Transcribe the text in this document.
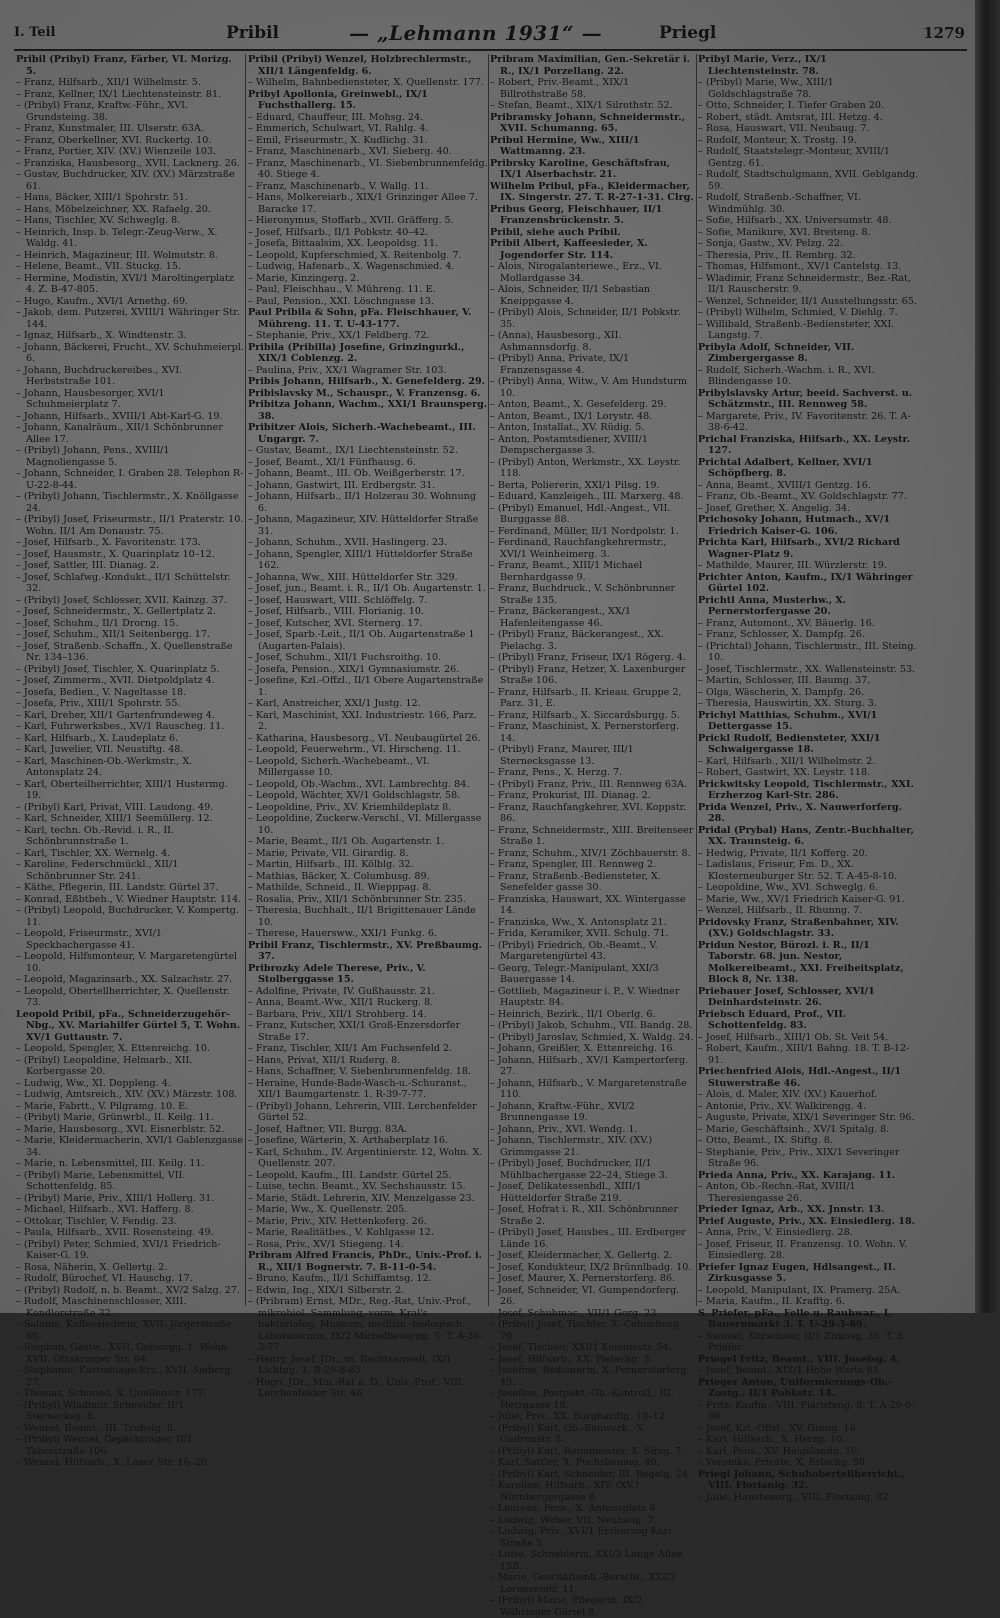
I. Teil	Pribil	— „Lehmann 1931“ —	Priegl	1279

Pribil (Pribyl) Franz, Färber, VI. Morizg. 5.

– Franz, Hilfsarb., XII/1 Wilhelmstr. 5.

– Franz, Kellner, IX/1 Liechtensteinstr. 81.

– (Pribyl) Franz, Kraftw.-Führ., XVI. Grundsteing. 38.

– Franz, Kunstmaler, III. Ulserstr. 63A.

– Franz, Oberkellner, XVI. Ruckertg. 10.

– Franz, Portier, XIV. (XV.) Wienzeile 103.

– Franziska, Hausbesorg., XVII. Lacknerg. 26.

– Gustav, Buchdrucker, XIV. (XV.) Märzstraße 61.

– Hans, Bäcker, XIII/1 Spohrstr. 51.

– Hans, Möbelzeichner, XX. Rafaelg. 20.

– Hans, Tischler, XV. Schweglg. 8.

– Heinrich, Insp. b. Telegr.-Zeug-Verw., X. Waldg. 41.

– Heinrich, Magazineur, III. Wolmutstr. 8.

– Helene, Beamt., VII. Stuckg. 15.

– Hermine, Modistin, XVI/1 Maroltingerplatz 4. Z. B-47-805.

– Hugo, Kaufm., XVI/1 Arnethg. 69.

– Jakob, dem. Putzerei, XVIII/1 Währinger Str. 144.

– Ignaz, Hilfsarb., X. Windtenstr. 3.

– Johann, Bäckerei, Frucht., XV. Schuhmeierpl. 6.

– Johann, Buchdruckereibes., XVI. Herbststraße 101.

– Johann, Hausbesorger, XVI/1 Schuhmeierplatz 7.

– Johann, Hilfsarb., XVIII/1 Abt-Karl-G. 19.

– Johann, Kanalräum., XII/1 Schönbrunner Allee 17.

– (Pribyl) Johann, Pens., XVIII/1 Magnoliengasse 5.

– Johann, Schneider, I. Graben 28. Telephon R-U-22-8-44.

– (Pribyl) Johann, Tischlermstr., X. Knöllgasse 24.

– (Pribyl) Josef, Friseurmstr., II/1 Praterstr. 10. Wohn. II/1 Am Donaustr. 75.

– Josef, Hilfsarb., X. Favoritenstr. 173.

– Josef, Hausmstr., X. Quarinplatz 10–12.

– Josef, Sattler, III. Dianag. 2.

– Josef, Schlafwg.-Kondukt., II/1 Schüttelstr. 32.

– (Pribyl) Josef, Schlosser, XVII. Kainzg. 37.

– Josef, Schneidermstr., X. Gellertplatz 2.

– Josef, Schuhm., II/1 Drorng. 15.

– Josef, Schuhm., XII/1 Seitenbergg. 17.

– Josef, Straßenb.-Schaffn., X. Quellenstraße Nr. 134–136.

– (Pribyl) Josef, Tischler, X. Quarinplatz 5.

– Josef, Zimmerm., XVII. Dietpoldplatz 4.

– Josefa, Bedien., V. Nageltasse 18.

– Josefa, Priv., XIII/1 Spohrstr. 55.

– Karl, Dreher, XII/1 Gartenfrundeweg 4.

– Karl, Fuhrwerksbes., XV/1 Rauscheg. 11.

– Karl, Hilfsarb., X. Laudeplatz 6.

– Karl, Juwelier, VII. Neustiftg. 48.

– Karl, Maschinen-Ob.-Werkmstr., X. Antonsplatz 24.

– Karl, Oberteilherrichter, XIII/1 Hustermg. 19.

– (Pribyl) Karl, Privat, VIII. Laudong. 49.

– Karl, Schneider, XIII/1 Seemüllerg. 12.

– Karl, techn. Ob.-Revid. i. R., II. Schönbrunnstraße 1.

– Karl, Tischler, XX. Wernelg. 4.

– Karoline, Federschmückl., XII/1 Schönbrunner Str. 241.

– Käthe, Pflegerin, III. Landstr. Gürtel 37.

– Konrad, Eßbtbeh., V. Wiedner Hauptstr. 114.

– (Pribyl) Leopold, Buchdrucker, V. Kompertg. 11.

– Leopold, Friseurmstr., XVI/1 Speckbachergasse 41.

– Leopold, Hilfsmonteur, V. Margaretengürtel 10.

– Leopold, Magazinsarb., XX. Salzachstr. 27.

– Leopold, Obertellherrichter, X. Quellenstr. 73.

Leopold Pribil, pFa., Schneiderzugehör-Nbg., XV. Mariahilfer Gürtel 5, T. Wohn. XV/1 Guttaustr. 7.

– Leopold, Spengler, X. Ettenreichg. 10.

– (Pribyl) Leopoldine, Helmarb., XII. Korbergasse 20.

– Ludwig, Ww., XI. Doppleng. 4.

– Ludwig, Amtsreich., XIV. (XV.) Märzstr. 108.

– Marie, Fabrtt., V. Pilgramg. 10. E.

– (Pribyl) Marie, Grünwrbl., II. Keilg. 11.

– Marie, Hausbesorg., XVI. Eisnerblstr. 52.

– Marie, Kleidermacherin, XVI/1 Gablenzgasse 34.

– Marie, n. Lebensmittel, III. Keilg. 11.

– (Pribyl) Marie, Lebensmittel, VII. Schottenfeldg. 85.

– (Pribyl) Marie, Priv., XIII/1 Hollerg. 31.

– Michael, Hilfsarb., XVI. Hafferg. 8.

– Ottokar, Tischler, V. Fendig. 23.

– Paula, Hilfsarb., XVII. Rosensteing. 49.

– (Pribyl) Peter, Schmied, XVI/1 Friedrich-Kaiser-G. 19.

– Rosa, Näherin, X. Gellertg. 2.

– Rudolf, Bürochef, VI. Hauschg. 17.

– (Pribyl) Rudolf, n. b. Beamt., XV/2 Salzg. 27.

– Rudolf, Maschinenschlosser, XIII. Kendlerstraße 32.

– Salome, Kaffeesiederin, XVII. Jörgerstraße 60.

– Stephan, Gastw., XVII. Gebiergg. 1. Wohn. XVII. Ottakringer Str. 64.

– Stephanie, Kartonnage-Erz., XVII. Sieberg. 27.

– Thomas, Schmied, X. Quellenstr. 177.

– (Pribyl) Wladimir, Schneider, II/1 Sternecksg. 8.

– Wenzel, Beamt., III. Trubelg. 8.

– (Pribyl) Wenzel, Gepäckträger, II/1 Taborstraße 106.

– Wenzel, Hilfsarb., X. Laaer Str. 16–20.

Pribil (Pribyl) Wenzel, Holzbrechlermstr., XII/1 Längenfeldg. 6.

– Wilhelm, Bahnbediensteter, X. Quellenstr. 177.

Pribyl Apollonia, Greinwebl., IX/1 Fuchsthallerg. 15.

– Eduard, Chauffeur, III. Mohsg. 24.

– Emmerich, Schulwart, VI. Rahlg. 4.

– Emil, Friseurmstr., X. Kudlichg. 31.

– Franz, Maschinenarb., XVI. Sieberg. 40.

– Franz, Maschinenarb., VI. Siebenbrunnenfeldg. 40. Stiege 4.

– Franz, Maschinenarb., V. Wallg. 11.

– Hans, Molkereiarb., XIX/1 Grinzinger Allee 7. Baracke 17.

– Hieronymus, Stoffarb., XVII. Gräfferg. 5.

– Josef, Hilfsarb., II/1 Pobkstr. 40–42.

– Josefa, Bittaalsim, XX. Leopoldsg. 11.

– Leopold, Kupferschmied, X. Reitenbolg. 7.

– Ludwig, Hafenarb., X. Wagenschmied. 4.

– Marie, Kinzingerg. 2.

– Paul, Fleischhau., V. Mühreng. 11. E.

– Paul, Pension., XXI. Löschngasse 13.

Paul Pribila & Sohn, pFa. Fleischhauer, V. Mühreng. 11. T. U-43-177.

– Stephanie, Priv., XX/1 Feldberg. 72.

Pribila (Pribilla) Josefine, Grinzingurkl., XIX/1 Coblenzg. 2.

– Paulina, Priv., XX/1 Wagramer Str. 103.

Pribis Johann, Hilfsarb., X. Genefelderg. 29.

Pribislavsky M., Schauspr., V. Franzensg. 6.

Pribitza Johann, Wachm., XXI/1 Braunsperg. 38.

Pribitzer Alois, Sicherh.-Wachebeamt., III. Ungargr. 7.

– Gustav, Beamt., IX/1 Liechtensteinstr. 52.

– Josef, Beamt., XI/1 Fünfhausg. 6.

– Johann, Beamt., III. Ob. Weißgerberstr. 17.

– Johann, Gastwirt, III. Erdbergstr. 31.

– Johann, Hilfsarb., II/1 Holzerau 30. Wohnung 6.

– Johann, Magazineur, XIV. Hütteldorfer Straße 31.

– Johann, Schuhm., XVII. Haslingerg. 23.

– Johann, Spengler, XIII/1 Hütteldorfer Straße 162.

– Johanna, Ww., XIII. Hütteldorfer Str. 329.

– Josef, jun., Beamt. i. R., II/1 Ob. Augartenstr. 1.

– Josef, Hauswart, VIII. Schlöffelg. 7.

– Josef, Hilfsarb., VIII. Florianig. 10.

– Josef, Kutscher, XVI. Sternerg. 17.

– Josef, Sparb.-Leit., II/1 Ob. Augartenstraße 1 (Augarten-Palais).

– Josef, Schuhm., XII/1 Fuchsroithg. 10.

– Josefa, Pension., XIX/1 Gymnasiumstr. 26.

– Josefine, Kzl.-Offzl., II/1 Obere Augartenstraße 1.

– Karl, Anstreicher, XXI/1 Justg. 12.

– Karl, Maschinist, XXI. Industriestr. 166, Parz. 2.

– Katharina, Hausbesorg., VI. Neubaugürtel 26.

– Leopold, Feuerwehrm., VI. Hirscheng. 11.

– Leopold, Sicherh.-Wachebeamt., VI. Millergasse 10.

– Leopold, Ob.-Wachm., XVI. Lambrechtg. 84.

– Leopold, Wächter, XV/1 Goldschlagstr. 58.

– Leopoldine, Priv., XV. Kriemhildeplatz 8.

– Leopoldine, Zuckerw.-Verschl., VI. Millergasse 10.

– Marie, Beamt., II/1 Ob. Augartenstr. 1.

– Marie, Private, VII. Girardig. 8.

– Martin, Hilfsarb., III. Kölblg. 32.

– Mathias, Bäcker, X. Columbusg. 89.

– Mathilde, Schneid., II. Wiepppag. 8.

– Rosalia, Priv., XII/1 Schönbrunner Str. 235.

– Theresia, Buchhalt., II/1 Brigittenauer Lände 10.

– Therese, Hauersww., XXI/1 Funkg. 6.

Pribil Franz, Tischlermstr., XV. Preßbaumg. 37.

Pribrozky Adele Therese, Priv., V. Stolberggasse 15.

– Adolfine, Private, IV. Gußhausstr. 21.

– Anna, Beamt.-Ww., XII/1 Ruckerg. 8.

– Barbara, Priv., XII/1 Strohberg. 14.

– Franz, Kutscher, XXI/1 Groß-Enzersdorfer Straße 17.

– Franz, Tischler, XII/1 Am Fuchsenfeld 2.

– Hans, Privat, XII/1 Ruderg. 8.

– Hans, Schaffner, V. Siebenbrunnenfeldg. 18.

– Heraine, Hunde-Bade-Wasch-u.-Schuranst., XII/1 Baumgartenstr. 1. R-39-7-77.

– (Pribyl) Johann, Lehrerin, VIII. Lerchenfelder Gürtel 52.

– Josef, Haftner, VII. Burgg. 83A.

– Josefine, Wärterin, X. Arthaberplatz 16.

– Karl, Schuhm., IV. Argentinierstr. 12, Wohn. X. Quellenstr. 207.

– Leopold, Kaufm., III. Landstr. Gürtel 25.

– Luise, techn. Beamt., XV. Sechshausstr. 15.

– Marie, Städt. Lehrerin, XIV. Menzelgasse 23.

– Marie, Ww., X. Quellenstr. 205.

– Marie, Priv., XIV. Hettenkoferg. 26.

– Marie, Realitätbes., V. Kohlgasse 12.

– Rosa, Priv., XV/1 Stiegeng. 14.

Pribram Alfred Francis, PhDr., Univ.-Prof. i. R., XII/1 Bognerstr. 7. B-11-0-54.

– Bruno, Kaufm., II/1 Schiffamtsg. 12.

– Edwin, Ing., XIX/1 Silberstr. 2.

– (Pribram) Ernst, MDr., Reg.-Rat, Univ.-Prof., mikrobiol. Sammlung, vorm. Kral's bakteriolog. Museum, medizin.-biologisch. Laboratorium, IX/2 Michelbeuerng. 5. T. A-26-3-77.

– Henry, Josef, JDr., m. Rechtsanwalt, IX/1 Lichtng. 1. B-29-8-65.

– Hugo, JDr., Min.-Rat a. D., Univ.-Prof., VIII. Lerchenfelder Str. 46.

Pribram Maximilian, Gen.-Sekretär i. R., IX/1 Porzellang. 22.

– Robert, Priv.-Beamt., XIX/1 Billrothstraße 58.

– Stefan, Beamt., XIX/1 Silrothstr. 52.

Pribramsky Johann, Schneidermstr., XVII. Schumanng. 65.

Pribul Hermine, Ww., XIII/1 Wattmanng. 23.

Pribrsky Karoline, Geschäftsfrau, IX/1 Alserbachstr. 21.

Wilhelm Pribul, pFa., Kleidermacher, IX. Singerstr. 27. T. R-27-1-31. Clrg.

Pribus Georg, Fleischhauer, II/1 Franzensbrückenstr. 5.

Pribil, siehe auch Pribil.

Pribil Albert, Kaffeesieder, X. Jogendorfer Str. 114.

– Alois, Nirogalanteriewe., Erz., VI. Mollardgasse 34.

– Alois, Schneider, II/1 Sebastian Kneippgasse 4.

– (Pribyl) Alois, Schneider, II/1 Pobkstr. 35.

– (Anna), Hausbesorg., XII. Ashmannsdorfg. 8.

– (Pribyl) Anna, Private, IX/1 Franzensgasse 4.

– (Pribyl) Anna, Witw., V. Am Hundsturm 10.

– Anton, Beamt., X. Gesefelderg. 29.

– Anton, Beamt., IX/1 Lorystr. 48.

– Anton, Installat., XV. Rüdig. 5.

– Anton, Postamtsdiener, XVIII/1 Dempschergasse 3.

– (Pribyl) Anton, Werkmstr., XX. Leystr. 118.

– Berta, Poliererin, XXI/1 Pilsg. 19.

– Eduard, Kanzleigeh., III. Marxerg. 48.

– (Pribyl) Emanuel, Hdl.-Angest., VII. Burggasse 88.

– Ferdinand, Müller, II/1 Nordpolstr. 1.

– Ferdinand, Rauchfangkehrermstr., XVI/1 Weinheimerg. 3.

– Franz, Beamt., XIII/1 Michael Bernhardgasse 9.

– Franz, Buchdruck., V. Schönbrunner Straße 135.

– Franz, Bäckerangest., XX/1 Hafenleitengasse 46.

– (Pribyl) Franz, Bäckerangest., XX. Pielachg. 3.

– (Pribyl) Franz, Friseur, IX/1 Rögerg. 4.

– (Pribyl) Franz, Hetzer, X. Laxenburger Straße 106.

– Franz, Hilfsarb., II. Krieau. Gruppe 2, Parz. 31, E.

– Franz, Hilfsarb., X. Siccardsburgg. 5.

– Franz, Maschinist, X. Pernerstorferg. 14.

– (Pribyl) Franz, Maurer, III/1 Sternecksgasse 13.

– Franz, Pens., X. Herzg. 7.

– (Pribyl) Franz, Priv., III. Rennweg 63A.

– Franz, Prokurist, III. Dianag. 2.

– Franz, Rauchfangkehrer, XVI. Koppstr. 86.

– Franz, Schneidermstr., XIII. Breitenseer Straße 1.

– Franz, Schuhm., XIV/1 Zöchbauerstr. 8.

– Franz, Spengler, III. Rennweg 2.

– Franz, Straßenb.-Bediensteter, X. Senefelder gasse 30.

– Franziska, Hauswart, XX. Wintergasse 14.

– Franziska, Ww., X. Antonsplatz 21.

– Frida, Keramiker, XVII. Schulg. 71.

– (Pribyl) Friedrich, Ob.-Beamt., V. Margaretengürtel 43.

– Georg, Telegr.-Manipulant, XXI/3 Bauergasse 14.

– Gottlieb, Magazineur i. P., V. Wiedner Hauptstr. 84.

– Heinrich, Bezirk., II/1 Oberlg. 6.

– (Pribyl) Jakob, Schuhm., VII. Bandg. 28.

– (Pribyl) Jaroslav, Schmied, X. Waldg. 24.

– Johann, Greißler, X. Ettenreichg. 16.

– Johann, Hilfsarb., XV/1 Kampertorferg. 27.

– Johann, Hilfsarb., V. Margaretenstraße 110.

– Johann, Kraftw.-Führ., XVI/2 Brunnengasse 19.

– Johann, Priv., XVI. Wendg. 1.

– Johann, Tischlermstr., XIV. (XV.) Grimmgasse 21.

– (Pribyl) Josef, Buchdrucker, II/1 Mühlbachergasse 22–24, Stiege 3.

– Josef, Delikatessenhdl., XIII/1 Hütteldorfer Straße 219.

– Josef, Hofrat i. R., XII. Schönbrunner Straße 2.

– (Pribyl) Josef, Hausbes., III. Erdberger Lände 16.

– Josef, Kleidermacher, X. Gellertg. 2.

– Josef, Kondukteur, IX/2 Brünnlbadg. 10.

– Josef, Maurer, X. Pernerstorferg. 86.

– Josef, Schneider, VI. Gumpendorferg. 26.

– Josef, Schuhmac., VII/1 Gerg. 23.

– (Pribyl) Josef, Tischler, X. Columbusg. 70.

– Josef, Tischler, XXI/1 Koloniestr. 54.

– Josef, Hilfsarb., XX. Pielachg. 3.

– Josefine, Bedienerin, X. Pernerstorferg. 49.

– Josefine, Postpakt.-Ob.-Kontroll., III. Hetzgasse 18.

– Julie, Priv., XX. Burghardtg. 10–12.

– (Pribyl) Karl, Ob.-Bauwerk., X. Gudrunstr. 5.

– (Pribyl) Karl, Rennmeister, X. Sirzg. 7.

– Karl, Sattler, X. Puchsbaumg. 40.

– (Pribyl) Karl, Schneider, III. Regelg. 24.

– Karoline, Hilfsarb., XIV. (XV.) Nürnbergergasse 8.

– Laurenz, Pens., X. Antonsplatz 8.

– Ludwig, Weber, VII. Neubaug. 7.

– Ludwig, Priv., XVI/1 Erzherzog Karl-Straße 5.

– Luise, Schneiderin, XXI/3 Lange Allee 15B.

– Marie, Geschäftsinh.-Berschl., XXI/3 Lorenzerstr. 11.

– (Pribyl) Marie, Pflegerin, IX/2 Währinger Gürtel 8.

Pribyl Marie, Verz., IX/1 Liechtensteinstr. 78.

– (Pribyl) Marie, Ww., XIII/1 Goldschlagstraße 78.

– Otto, Schneider, I. Tiefer Graben 20.

– Robert, städt. Amtsrat, III. Hetzg. 4.

– Rosa, Hauswart, VII. Neubaug. 7.

– Rudolf, Monteur, X. Trostg. 19.

– Rudolf, Staatstelegr.-Monteur, XVIII/1 Gentzg. 61.

– Rudolf, Stadtschulgmann, XVII. Geblgandg. 59.

– Rudolf, Straßenb.-Schaffner, VI. Windmühlg. 30.

– Sofie, Hilfsarb., XX. Universumstr. 48.

– Sofie, Manikure, XVI. Breiteng. 8.

– Sonja, Gastw., XV. Pelzg. 22.

– Theresia, Priv., II. Rembrg. 32.

– Thomas, Hilfsmont., XV/1 Cantelstg. 13.

– Wladimir, Franz Schneidermstr., Bez.-Rat, II/1 Rauscherstr. 9.

– Wenzel, Schneider, II/1 Ausstellungsstr. 65.

– (Pribyl) Wilhelm, Schmied, V. Diehlg. 7.

– Willibald, Straßenb.-Bediensteter, XXI. Langstg. 7.

Pribyla Adolf, Schneider, VII. Zimbergergasse 8.

– Rudolf, Sicherh.-Wachm. i. R., XVI. Blindengasse 10.

Pribylslavsky Artur, beeid. Sachverst. u. Schätzmstr., III. Rennweg 58.

– Margarete, Priv., IV. Favoritenstr. 26. T. A-38-6-42.

Prichal Franziska, Hilfsarb., XX. Leystr. 127.

Prichtal Adalbert, Kellner, XVI/1 Schöpfberg. 8.

– Anna, Beamt., XVIII/1 Gentzg. 16.

– Franz, Ob.-Beamt., XV. Goldschlagstr. 77.

– Josef, Grether, X. Angelig. 34.

Prichosoky Johann, Hutmach., XV/1 Friedrich Kaiser-G. 106.

Prichta Karl, Hilfsarb., XVI/2 Richard Wagner-Platz 9.

– Mathilde, Maurer, III. Würzlerstr. 19.

Prichter Anton, Kaufm., IX/1 Währinger Gürtel 102.

Prichtl Anna, Musterhw., X. Pernerstorfergasse 20.

– Franz, Automont., XV. Bäuerlg. 16.

– Franz, Schlosser, X. Dampfg. 26.

– (Prichtal) Johann, Tischlermstr., III. Steing. 10.

– Josef, Tischlermstr., XX. Wallensteinstr. 53.

– Martin, Schlosser, III. Baumg. 37.

– Olga, Wäscherin, X. Dampfg. 26.

– Theresia, Hauswirtin, XX. Sturg. 3.

Prichyl Matthias, Schuhm., XVI/1 Dettergasse 15.

Prickl Rudolf, Bediensteter, XXI/1 Schwaigergasse 18.

– Karl, Hilfsarb., XII/1 Wilhelmstr. 2.

– Robert, Gastwirt, XX. Leystr. 118.

Prickwitsky Leopold, Tischlermstr., XXI. Erzherzog Karl-Str. 286.

Prida Wenzel, Priv., X. Nauwerforferg. 28.

Pridal (Prybal) Hans, Zentr.-Buchhalter, XX. Traunsteig. 6.

– Hedwig, Private, II/1 Kofferg. 20.

– Ladislaus, Friseur, Fm. D., XX. Klosterneuburger Str. 52. T. A-45-8-10.

– Leopoldine, Ww., XVI. Schweglg. 6.

– Marie, Ww., XV/1 Friedrich Kaiser-G. 91.

– Wenzel, Hilfsarb., II. Rhunng. 7.

Pridovsky Franz, Straßenbahner, XIV. (XV.) Goldschlagstr. 33.

Pridun Nestor, Bürozl. i. R., II/1 Taborstr. 68. jun. Nestor, Molkereibeamt., XXI. Freiheitsplatz, Block 8, Nr. 138.

Priebauer Josef, Schlosser, XVI/1 Deinhardsteinstr. 26.

Priebsch Eduard, Prof., VII. Schottenfeldg. 83.

– Josef, Hilfsarb., XIII/1 Ob. St. Veit 54.

– Robert, Kaufm., XIII/1 Bahng. 18. T. B-12-91.

Priechenfried Alois, Hdl.-Angest., II/1 Stuwerstraße 46.

– Alois, d. Maler, XIV. (XV.) Kauerhof.

– Antonie, Priv., XV. Walkirengg. 4.

– Auguste, Private, XIX/1 Severinger Str. 96.

– Marie, Geschäftsinh., XV/1 Spitalg. 8.

– Otto, Beamt., IX. Stiftg. 8.

– Stephanie, Priv., Priv., XIX/1 Severinger Straße 96.

Prieda Anna, Priv., XX. Karajang. 11.

– Anton, Ob.-Rechn.-Rat, XVIII/1 Theresiengasse 26.

Prieder Ignaz, Arb., XX. Jnnstr. 13.

Prief Auguste, Priv., XX. Einsiedlerg. 18.

– Anna, Priv., V. Einsiedlerg. 28.

– Josef, Friseur, II. Franzensg. 10. Wohn. V. Einsiedlerg. 28.

Priefer Ignaz Eugen, Hdlsangest., II. Zirkusgasse 5.

– Leopold, Manipulant, IX. Pramerg. 25A.

– Maria, Kaufm., II. Krafftg. 6.

S. Priefer, pFa., Felle u. Rauhwar., I. Bauernmarkt 3. T. U-29-3-89.

– Samuel, Kürschner, II/1 Zirkusg. 35. T. S. Priefer.

Priegel Fritz, Beamt., VIII. Josefsg. 4.

– Josef, Beamt., XIX/1 Hohe Warte 65.

Prieger Anton, Uniformierungs-Ob.-Zustg., II/1 Pobkstr. 14.

– Fritz, Kaufm., VIII. Piaristeng. 8. T. A-20-0-86.

– Josef, Kzl.-Offzl., XV. Greng. 16.

– Karl, Hilfsarb., X. Herzg. 16.

– Karl, Pens., XV. Helgolandg. 16.

– Veronika, Private, X. Erlachg. 50.

Priegl Johann, Schuhobertellherricht., VIII. Florianig. 32.

– Julie, Hausbesorg., VIII. Florianig. 32.
